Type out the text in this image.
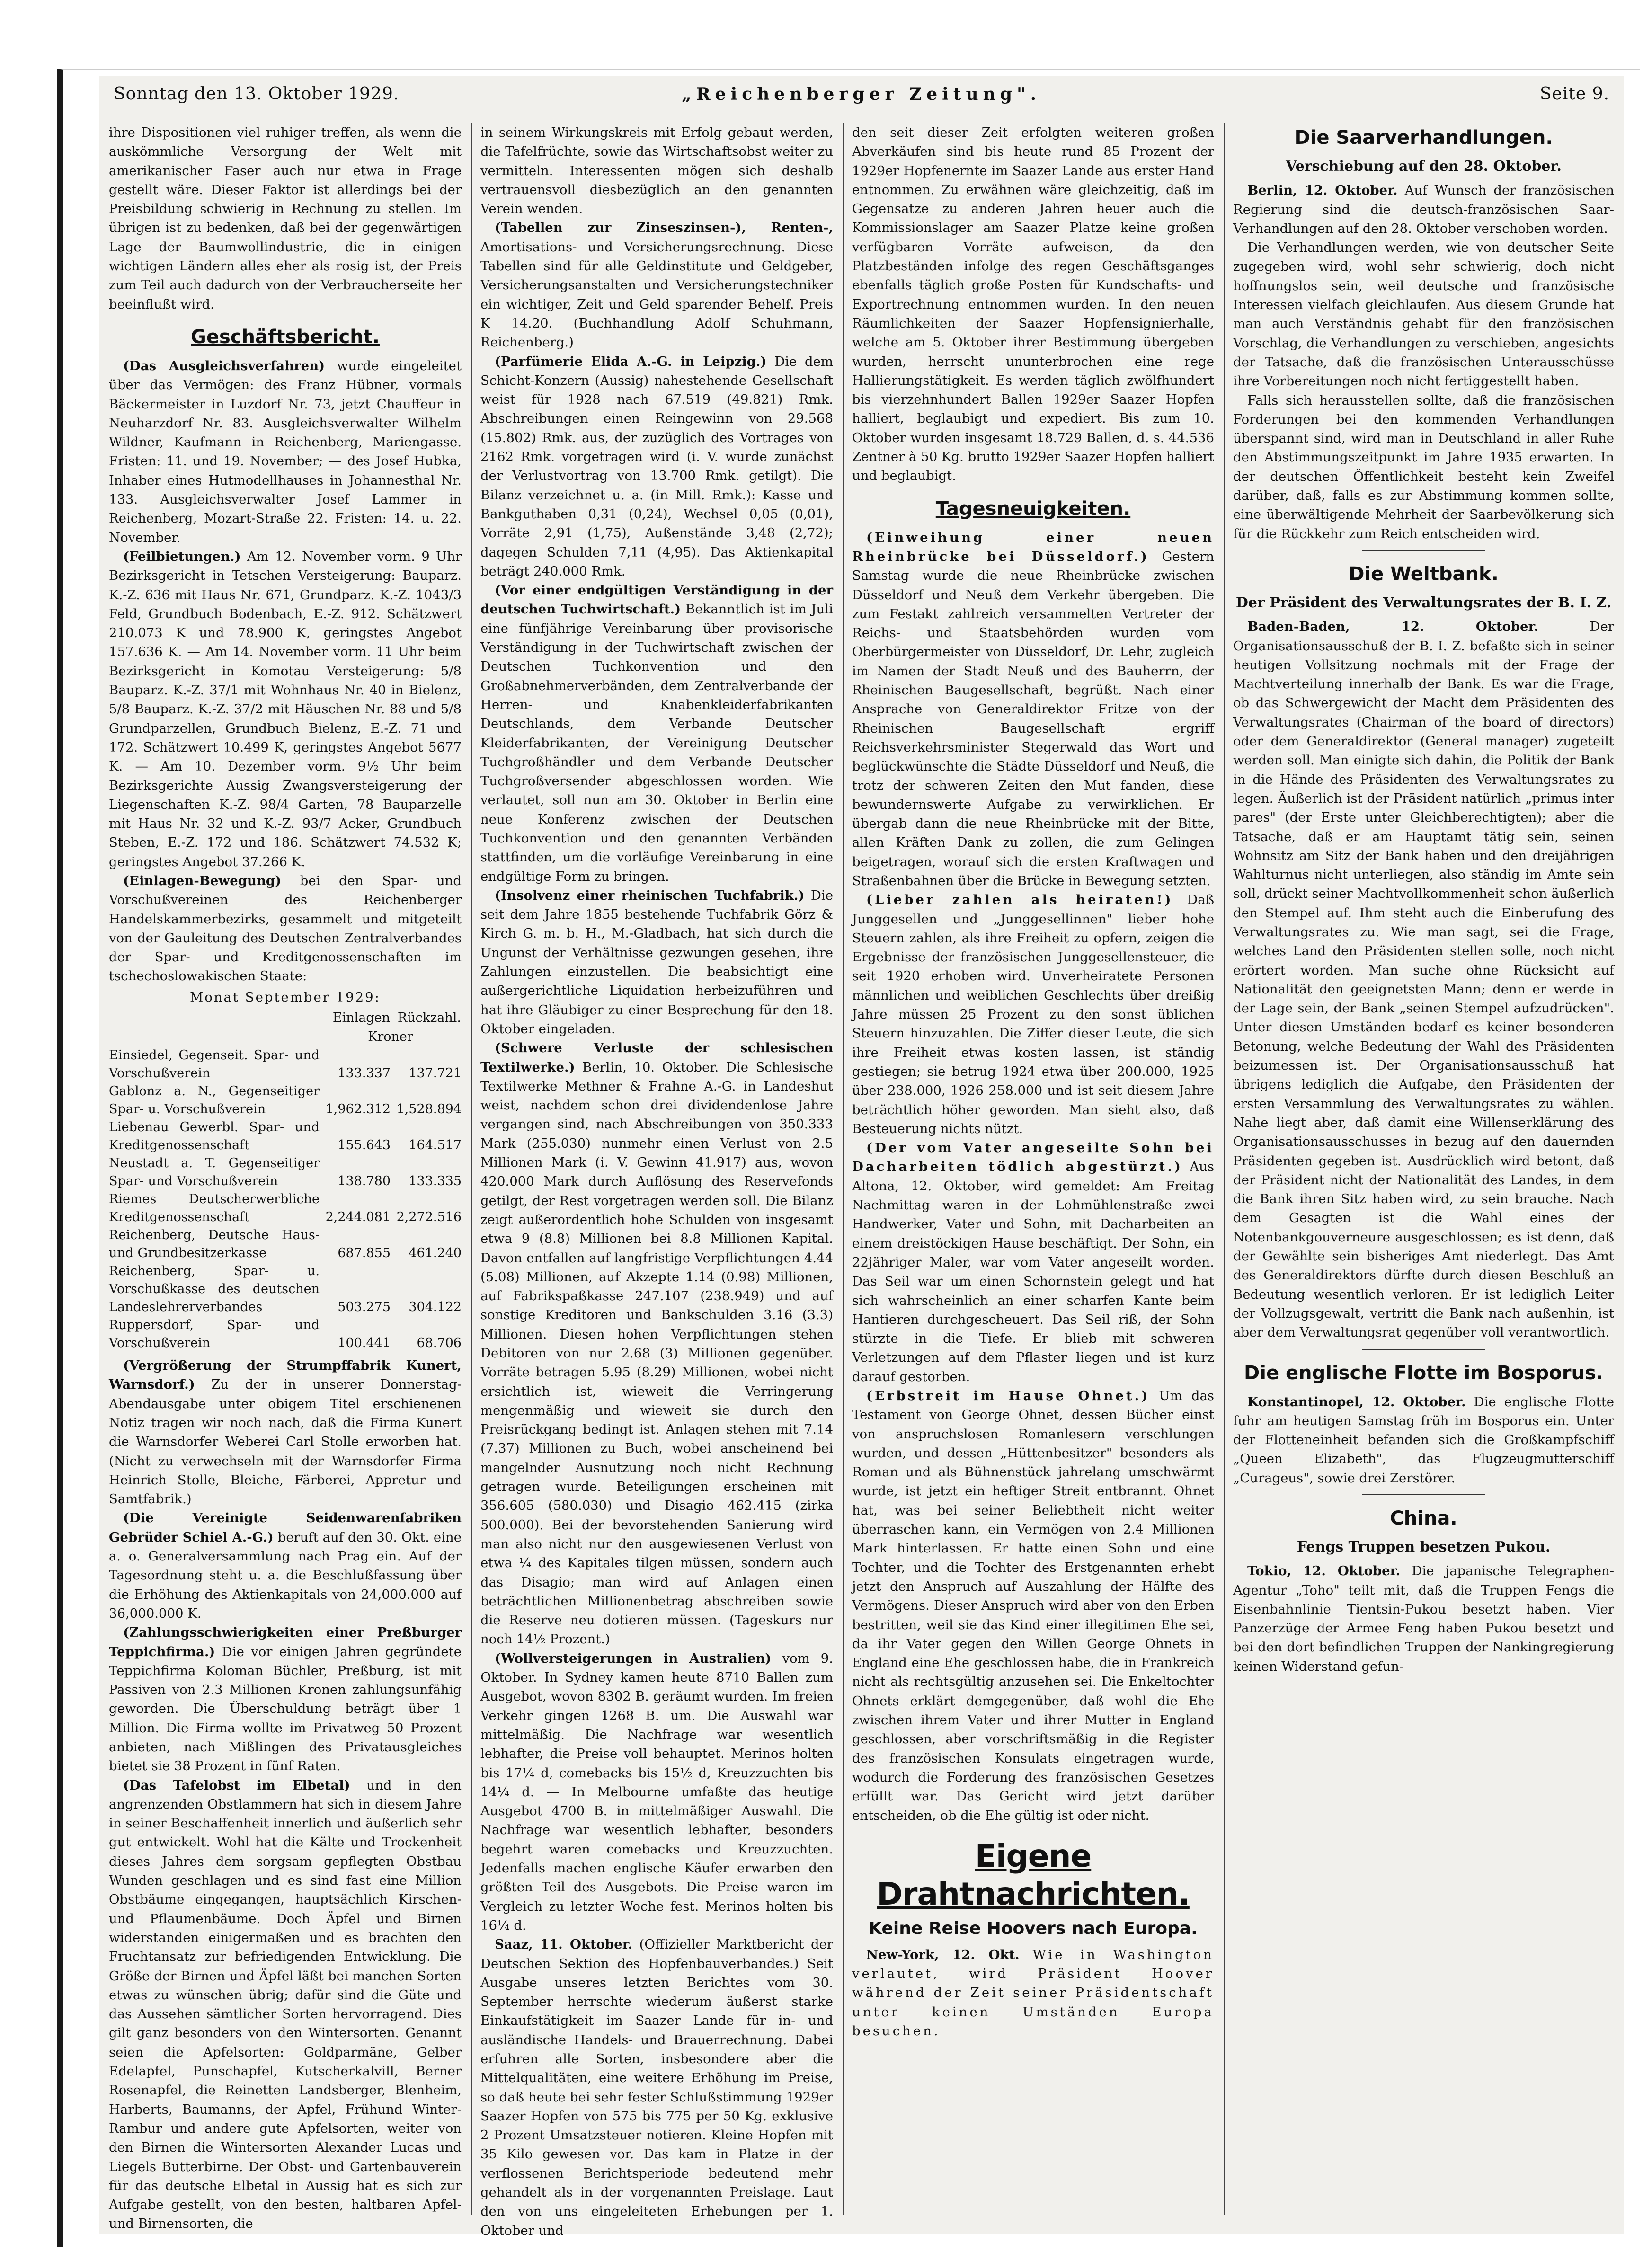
Sonntag den 13. Oktober 1929.	„Reichenberger Zeitung".	Seite 9.

ihre Dispositionen viel ruhiger treffen, als wenn die auskömmliche Versorgung der Welt mit amerikanischer Faser auch nur etwa in Frage gestellt wäre. Dieser Faktor ist allerdings bei der Preisbildung schwierig in Rechnung zu stellen. Im übrigen ist zu bedenken, daß bei der gegenwärtigen Lage der Baumwollindustrie, die in einigen wichtigen Ländern alles eher als rosig ist, der Preis zum Teil auch dadurch von der Verbraucherseite her beeinflußt wird.

Geschäftsbericht.

(Das Ausgleichsverfahren) wurde eingeleitet über das Vermögen: des Franz Hübner, vormals Bäckermeister in Luzdorf Nr. 73, jetzt Chauffeur in Neuharzdorf Nr. 83. Ausgleichsverwalter Wilhelm Wildner, Kaufmann in Reichenberg, Mariengasse. Fristen: 11. und 19. November; — des Josef Hubka, Inhaber eines Hutmodellhauses in Johannesthal Nr. 133. Ausgleichsverwalter Josef Lammer in Reichenberg, Mozart-Straße 22. Fristen: 14. u. 22. November.

(Feilbietungen.) Am 12. November vorm. 9 Uhr Bezirksgericht in Tetschen Versteigerung: Bauparz. K.-Z. 636 mit Haus Nr. 671, Grundparz. K.-Z. 1043/3 Feld, Grundbuch Bodenbach, E.-Z. 912. Schätzwert 210.073 K und 78.900 K, geringstes Angebot 157.636 K. — Am 14. November vorm. 11 Uhr beim Bezirksgericht in Komotau Versteigerung: 5/8 Bauparz. K.-Z. 37/1 mit Wohnhaus Nr. 40 in Bielenz, 5/8 Bauparz. K.-Z. 37/2 mit Häuschen Nr. 88 und 5/8 Grundparzellen, Grundbuch Bielenz, E.-Z. 71 und 172. Schätzwert 10.499 K, geringstes Angebot 5677 K. — Am 10. Dezember vorm. 9½ Uhr beim Bezirksgerichte Aussig Zwangsversteigerung der Liegenschaften K.-Z. 98/4 Garten, 78 Bauparzelle mit Haus Nr. 32 und K.-Z. 93/7 Acker, Grundbuch Steben, E.-Z. 172 und 186. Schätzwert 74.532 K; geringstes Angebot 37.266 K.

(Einlagen-Bewegung) bei den Spar- und Vorschußvereinen des Reichenberger Handelskammerbezirks, gesammelt und mitgeteilt von der Gauleitung des Deutschen Zentralverbandes der Spar- und Kreditgenossenschaften im tschechoslowakischen Staate:

Monat September 1929:
	Einlagen	Rückzahl.
	Kroner	
Einsiedel, Gegenseit. Spar- und Vorschußverein	133.337	137.721
Gablonz a. N., Gegenseitiger Spar- u. Vorschußverein	1,962.312	1,528.894
Liebenau Gewerbl. Spar- und Kreditgenossenschaft	155.643	164.517
Neustadt a. T. Gegenseitiger Spar- und Vorschußverein	138.780	133.335
Riemes Deutscherwerbliche Kreditgenossenschaft	2,244.081	2,272.516
Reichenberg, Deutsche Haus- und Grundbesitzerkasse	687.855	461.240
Reichenberg, Spar- u. Vorschußkasse des deutschen Landeslehrerverbandes	503.275	304.122
Ruppersdorf, Spar- und Vorschußverein	100.441	68.706

(Vergrößerung der Strumpffabrik Kunert, Warnsdorf.) Zu der in unserer Donnerstag-Abendausgabe unter obigem Titel erschienenen Notiz tragen wir noch nach, daß die Firma Kunert die Warnsdorfer Weberei Carl Stolle erworben hat. (Nicht zu verwechseln mit der Warnsdorfer Firma Heinrich Stolle, Bleiche, Färberei, Appretur und Samtfabrik.)

(Die Vereinigte Seidenwarenfabriken Gebrüder Schiel A.-G.) beruft auf den 30. Okt. eine a. o. Generalversammlung nach Prag ein. Auf der Tagesordnung steht u. a. die Beschlußfassung über die Erhöhung des Aktienkapitals von 24,000.000 auf 36,000.000 K.

(Zahlungsschwierigkeiten einer Preßburger Teppichfirma.) Die vor einigen Jahren gegründete Teppichfirma Koloman Büchler, Preßburg, ist mit Passiven von 2.3 Millionen Kronen zahlungsunfähig geworden. Die Überschuldung beträgt über 1 Million. Die Firma wollte im Privatweg 50 Prozent anbieten, nach Mißlingen des Privatausgleiches bietet sie 38 Prozent in fünf Raten.

(Das Tafelobst im Elbetal) und in den angrenzenden Obstlammern hat sich in diesem Jahre in seiner Beschaffenheit innerlich und äußerlich sehr gut entwickelt. Wohl hat die Kälte und Trockenheit dieses Jahres dem sorgsam gepflegten Obstbau Wunden geschlagen und es sind fast eine Million Obstbäume eingegangen, hauptsächlich Kirschen- und Pflaumenbäume. Doch Äpfel und Birnen widerstanden einigermaßen und es brachten den Fruchtansatz zur befriedigenden Entwicklung. Die Größe der Birnen und Äpfel läßt bei manchen Sorten etwas zu wünschen übrig; dafür sind die Güte und das Aussehen sämtlicher Sorten hervorragend. Dies gilt ganz besonders von den Wintersorten. Genannt seien die Apfelsorten: Goldparmäne, Gelber Edelapfel, Punschapfel, Kutscherkalvill, Berner Rosenapfel, die Reinetten Landsberger, Blenheim, Harberts, Baumanns, der Apfel, Frühund Winter-Rambur und andere gute Apfelsorten, weiter von den Birnen die Wintersorten Alexander Lucas und Liegels Butterbirne. Der Obst- und Gartenbauverein für das deutsche Elbetal in Aussig hat es sich zur Aufgabe gestellt, von den besten, haltbaren Apfel- und Birnensorten, die

in seinem Wirkungskreis mit Erfolg gebaut werden, die Tafelfrüchte, sowie das Wirtschaftsobst weiter zu vermitteln. Interessenten mögen sich deshalb vertrauensvoll diesbezüglich an den genannten Verein wenden.

(Tabellen zur Zinseszinsen-), Renten-, Amortisations- und Versicherungsrechnung. Diese Tabellen sind für alle Geldinstitute und Geldgeber, Versicherungsanstalten und Versicherungstechniker ein wichtiger, Zeit und Geld sparender Behelf. Preis K 14.20. (Buchhandlung Adolf Schuhmann, Reichenberg.)

(Parfümerie Elida A.-G. in Leipzig.) Die dem Schicht-Konzern (Aussig) nahestehende Gesellschaft weist für 1928 nach 67.519 (49.821) Rmk. Abschreibungen einen Reingewinn von 29.568 (15.802) Rmk. aus, der zuzüglich des Vortrages von 2162 Rmk. vorgetragen wird (i. V. wurde zunächst der Verlustvortrag von 13.700 Rmk. getilgt). Die Bilanz verzeichnet u. a. (in Mill. Rmk.): Kasse und Bankguthaben 0,31 (0,24), Wechsel 0,05 (0,01), Vorräte 2,91 (1,75), Außenstände 3,48 (2,72); dagegen Schulden 7,11 (4,95). Das Aktienkapital beträgt 240.000 Rmk.

(Vor einer endgültigen Verständigung in der deutschen Tuchwirtschaft.) Bekanntlich ist im Juli eine fünfjährige Vereinbarung über provisorische Verständigung in der Tuchwirtschaft zwischen der Deutschen Tuchkonvention und den Großabnehmerverbänden, dem Zentralverbande der Herren- und Knabenkleiderfabrikanten Deutschlands, dem Verbande Deutscher Kleiderfabrikanten, der Vereinigung Deutscher Tuchgroßhändler und dem Verbande Deutscher Tuchgroßversender abgeschlossen worden. Wie verlautet, soll nun am 30. Oktober in Berlin eine neue Konferenz zwischen der Deutschen Tuchkonvention und den genannten Verbänden stattfinden, um die vorläufige Vereinbarung in eine endgültige Form zu bringen.

(Insolvenz einer rheinischen Tuchfabrik.) Die seit dem Jahre 1855 bestehende Tuchfabrik Görz & Kirch G. m. b. H., M.-Gladbach, hat sich durch die Ungunst der Verhältnisse gezwungen gesehen, ihre Zahlungen einzustellen. Die beabsichtigt eine außergerichtliche Liquidation herbeizuführen und hat ihre Gläubiger zu einer Besprechung für den 18. Oktober eingeladen.

(Schwere Verluste der schlesischen Textilwerke.) Berlin, 10. Oktober. Die Schlesische Textilwerke Methner & Frahne A.-G. in Landeshut weist, nachdem schon drei dividendenlose Jahre vergangen sind, nach Abschreibungen von 350.333 Mark (255.030) nunmehr einen Verlust von 2.5 Millionen Mark (i. V. Gewinn 41.917) aus, wovon 420.000 Mark durch Auflösung des Reservefonds getilgt, der Rest vorgetragen werden soll. Die Bilanz zeigt außerordentlich hohe Schulden von insgesamt etwa 9 (8.8) Millionen bei 8.8 Millionen Kapital. Davon entfallen auf langfristige Verpflichtungen 4.44 (5.08) Millionen, auf Akzepte 1.14 (0.98) Millionen, auf Fabrikspaßkasse 247.107 (238.949) und auf sonstige Kreditoren und Bankschulden 3.16 (3.3) Millionen. Diesen hohen Verpflichtungen stehen Debitoren von nur 2.68 (3) Millionen gegenüber. Vorräte betragen 5.95 (8.29) Millionen, wobei nicht ersichtlich ist, wieweit die Verringerung mengenmäßig und wieweit sie durch den Preisrückgang bedingt ist. Anlagen stehen mit 7.14 (7.37) Millionen zu Buch, wobei anscheinend bei mangelnder Ausnutzung noch nicht Rechnung getragen wurde. Beteiligungen erscheinen mit 356.605 (580.030) und Disagio 462.415 (zirka 500.000). Bei der bevorstehenden Sanierung wird man also nicht nur den ausgewiesenen Verlust von etwa ¼ des Kapitales tilgen müssen, sondern auch das Disagio; man wird auf Anlagen einen beträchtlichen Millionenbetrag abschreiben sowie die Reserve neu dotieren müssen. (Tageskurs nur noch 14½ Prozent.)

(Wollversteigerungen in Australien) vom 9. Oktober. In Sydney kamen heute 8710 Ballen zum Ausgebot, wovon 8302 B. geräumt wurden. Im freien Verkehr gingen 1268 B. um. Die Auswahl war mittelmäßig. Die Nachfrage war wesentlich lebhafter, die Preise voll behauptet. Merinos holten bis 17¼ d, comebacks bis 15½ d, Kreuzzuchten bis 14¼ d. — In Melbourne umfaßte das heutige Ausgebot 4700 B. in mittelmäßiger Auswahl. Die Nachfrage war wesentlich lebhafter, besonders begehrt waren comebacks und Kreuzzuchten. Jedenfalls machen englische Käufer erwarben den größten Teil des Ausgebots. Die Preise waren im Vergleich zu letzter Woche fest. Merinos holten bis 16¼ d.

Saaz, 11. Oktober. (Offizieller Marktbericht der Deutschen Sektion des Hopfenbauverbandes.) Seit Ausgabe unseres letzten Berichtes vom 30. September herrschte wiederum äußerst starke Einkaufstätigkeit im Saazer Lande für in- und ausländische Handels- und Brauerrechnung. Dabei erfuhren alle Sorten, insbesondere aber die Mittelqualitäten, eine weitere Erhöhung im Preise, so daß heute bei sehr fester Schlußstimmung 1929er Saazer Hopfen von 575 bis 775 per 50 Kg. exklusive 2 Prozent Umsatzsteuer notieren. Kleine Hopfen mit 35 Kilo gewesen vor. Das kam in Platze in der verflossenen Berichtsperiode bedeutend mehr gehandelt als in der vorgenannten Preislage. Laut den von uns eingeleiteten Erhebungen per 1. Oktober und

den seit dieser Zeit erfolgten weiteren großen Abverkäufen sind bis heute rund 85 Prozent der 1929er Hopfenernte im Saazer Lande aus erster Hand entnommen. Zu erwähnen wäre gleichzeitig, daß im Gegensatze zu anderen Jahren heuer auch die Kommissionslager am Saazer Platze keine großen verfügbaren Vorräte aufweisen, da den Platzbeständen infolge des regen Geschäftsganges ebenfalls täglich große Posten für Kundschafts- und Exportrechnung entnommen wurden. In den neuen Räumlichkeiten der Saazer Hopfensignierhalle, welche am 5. Oktober ihrer Bestimmung übergeben wurden, herrscht ununterbrochen eine rege Hallierungstätigkeit. Es werden täglich zwölfhundert bis vierzehnhundert Ballen 1929er Saazer Hopfen halliert, beglaubigt und expediert. Bis zum 10. Oktober wurden insgesamt 18.729 Ballen, d. s. 44.536 Zentner à 50 Kg. brutto 1929er Saazer Hopfen halliert und beglaubigt.

Tagesneuigkeiten.

(Einweihung einer neuen Rheinbrücke bei Düsseldorf.) Gestern Samstag wurde die neue Rheinbrücke zwischen Düsseldorf und Neuß dem Verkehr übergeben. Die zum Festakt zahlreich versammelten Vertreter der Reichs- und Staatsbehörden wurden vom Oberbürgermeister von Düsseldorf, Dr. Lehr, zugleich im Namen der Stadt Neuß und des Bauherrn, der Rheinischen Baugesellschaft, begrüßt. Nach einer Ansprache von Generaldirektor Fritze von der Rheinischen Baugesellschaft ergriff Reichsverkehrsminister Stegerwald das Wort und beglückwünschte die Städte Düsseldorf und Neuß, die trotz der schweren Zeiten den Mut fanden, diese bewundernswerte Aufgabe zu verwirklichen. Er übergab dann die neue Rheinbrücke mit der Bitte, allen Kräften Dank zu zollen, die zum Gelingen beigetragen, worauf sich die ersten Kraftwagen und Straßenbahnen über die Brücke in Bewegung setzten.

(Lieber zahlen als heiraten!) Daß Junggesellen und „Junggesellinnen" lieber hohe Steuern zahlen, als ihre Freiheit zu opfern, zeigen die Ergebnisse der französischen Junggesellensteuer, die seit 1920 erhoben wird. Unverheiratete Personen männlichen und weiblichen Geschlechts über dreißig Jahre müssen 25 Prozent zu den sonst üblichen Steuern hinzuzahlen. Die Ziffer dieser Leute, die sich ihre Freiheit etwas kosten lassen, ist ständig gestiegen; sie betrug 1924 etwa über 200.000, 1925 über 238.000, 1926 258.000 und ist seit diesem Jahre beträchtlich höher geworden. Man sieht also, daß Besteuerung nichts nützt.

(Der vom Vater angeseilte Sohn bei Dacharbeiten tödlich abgestürzt.) Aus Altona, 12. Oktober, wird gemeldet: Am Freitag Nachmittag waren in der Lohmühlenstraße zwei Handwerker, Vater und Sohn, mit Dacharbeiten an einem dreistöckigen Hause beschäftigt. Der Sohn, ein 22jähriger Maler, war vom Vater angeseilt worden. Das Seil war um einen Schornstein gelegt und hat sich wahrscheinlich an einer scharfen Kante beim Hantieren durchgescheuert. Das Seil riß, der Sohn stürzte in die Tiefe. Er blieb mit schweren Verletzungen auf dem Pflaster liegen und ist kurz darauf gestorben.

(Erbstreit im Hause Ohnet.) Um das Testament von George Ohnet, dessen Bücher einst von anspruchslosen Romanlesern verschlungen wurden, und dessen „Hüttenbesitzer" besonders als Roman und als Bühnenstück jahrelang umschwärmt wurde, ist jetzt ein heftiger Streit entbrannt. Ohnet hat, was bei seiner Beliebtheit nicht weiter überraschen kann, ein Vermögen von 2.4 Millionen Mark hinterlassen. Er hatte einen Sohn und eine Tochter, und die Tochter des Erstgenannten erhebt jetzt den Anspruch auf Auszahlung der Hälfte des Vermögens. Dieser Anspruch wird aber von den Erben bestritten, weil sie das Kind einer illegitimen Ehe sei, da ihr Vater gegen den Willen George Ohnets in England eine Ehe geschlossen habe, die in Frankreich nicht als rechtsgültig anzusehen sei. Die Enkeltochter Ohnets erklärt demgegenüber, daß wohl die Ehe zwischen ihrem Vater und ihrer Mutter in England geschlossen, aber vorschriftsmäßig in die Register des französischen Konsulats eingetragen wurde, wodurch die Forderung des französischen Gesetzes erfüllt war. Das Gericht wird jetzt darüber entscheiden, ob die Ehe gültig ist oder nicht.

Eigene Drahtnachrichten.
Keine Reise Hoovers nach Europa.

New-York, 12. Okt. Wie in Washington verlautet, wird Präsident Hoover während der Zeit seiner Präsidentschaft unter keinen Umständen Europa besuchen.

Die Saarverhandlungen.
Verschiebung auf den 28. Oktober.

Berlin, 12. Oktober. Auf Wunsch der französischen Regierung sind die deutsch-französischen Saar-Verhandlungen auf den 28. Oktober verschoben worden.

Die Verhandlungen werden, wie von deutscher Seite zugegeben wird, wohl sehr schwierig, doch nicht hoffnungslos sein, weil deutsche und französische Interessen vielfach gleichlaufen. Aus diesem Grunde hat man auch Verständnis gehabt für den französischen Vorschlag, die Verhandlungen zu verschieben, angesichts der Tatsache, daß die französischen Unterausschüsse ihre Vorbereitungen noch nicht fertiggestellt haben.

Falls sich herausstellen sollte, daß die französischen Forderungen bei den kommenden Verhandlungen überspannt sind, wird man in Deutschland in aller Ruhe den Abstimmungszeitpunkt im Jahre 1935 erwarten. In der deutschen Öffentlichkeit besteht kein Zweifel darüber, daß, falls es zur Abstimmung kommen sollte, eine überwältigende Mehrheit der Saarbevölkerung sich für die Rückkehr zum Reich entscheiden wird.

Die Weltbank.
Der Präsident des Verwaltungsrates der B. I. Z.

Baden-Baden, 12. Oktober.	Der Organisationsausschuß der B. I. Z. befaßte sich in seiner heutigen Vollsitzung nochmals mit der Frage der Machtverteilung innerhalb der Bank. Es war die Frage, ob das Schwergewicht der Macht dem Präsidenten des Verwaltungsrates (Chairman of the board of directors) oder dem Generaldirektor (General manager) zugeteilt werden soll. Man einigte sich dahin, die Politik der Bank in die Hände des Präsidenten des Verwaltungsrates zu legen. Äußerlich ist der Präsident natürlich „primus inter pares" (der Erste unter Gleichberechtigten); aber die Tatsache, daß er am Hauptamt tätig sein, seinen Wohnsitz am Sitz der Bank haben und den dreijährigen Wahlturnus nicht unterliegen, also ständig im Amte sein soll, drückt seiner Machtvollkommenheit schon äußerlich den Stempel auf. Ihm steht auch die Einberufung des Verwaltungsrates zu. Wie man sagt, sei die Frage, welches Land den Präsidenten stellen solle, noch nicht erörtert worden. Man suche ohne Rücksicht auf Nationalität den geeignetsten Mann; denn er werde in der Lage sein, der Bank „seinen Stempel aufzudrücken". Unter diesen Umständen bedarf es keiner besonderen Betonung, welche Bedeutung der Wahl des Präsidenten beizumessen ist. Der Organisationsausschuß hat übrigens lediglich die Aufgabe, den Präsidenten der ersten Versammlung des Verwaltungsrates zu wählen. Nahe liegt aber, daß damit eine Willenserklärung des Organisationsausschusses in bezug auf den dauernden Präsidenten gegeben ist. Ausdrücklich wird betont, daß der Präsident nicht der Nationalität des Landes, in dem die Bank ihren Sitz haben wird, zu sein brauche. Nach dem Gesagten ist die Wahl eines der Notenbankgouverneure ausgeschlossen; es ist denn, daß der Gewählte sein bisheriges Amt niederlegt. Das Amt des Generaldirektors dürfte durch diesen Beschluß an Bedeutung wesentlich verloren. Er ist lediglich Leiter der Vollzugsgewalt, vertritt die Bank nach außenhin, ist aber dem Verwaltungsrat gegenüber voll verantwortlich.

Die englische Flotte im Bosporus.

Konstantinopel, 12. Oktober. Die englische Flotte fuhr am heutigen Samstag früh im Bosporus ein. Unter der Flotteneinheit befanden sich die Großkampfschiff „Queen Elizabeth", das Flugzeugmutterschiff „Curageus", sowie drei Zerstörer.

China.
Fengs Truppen besetzen Pukou.

Tokio, 12. Oktober. Die japanische Telegraphen-Agentur „Toho" teilt mit, daß die Truppen Fengs die Eisenbahnlinie Tientsin-Pukou besetzt haben. Vier Panzerzüge der Armee Feng haben Pukou besetzt und bei den dort befindlichen Truppen der Nankingregierung keinen Widerstand gefun-
